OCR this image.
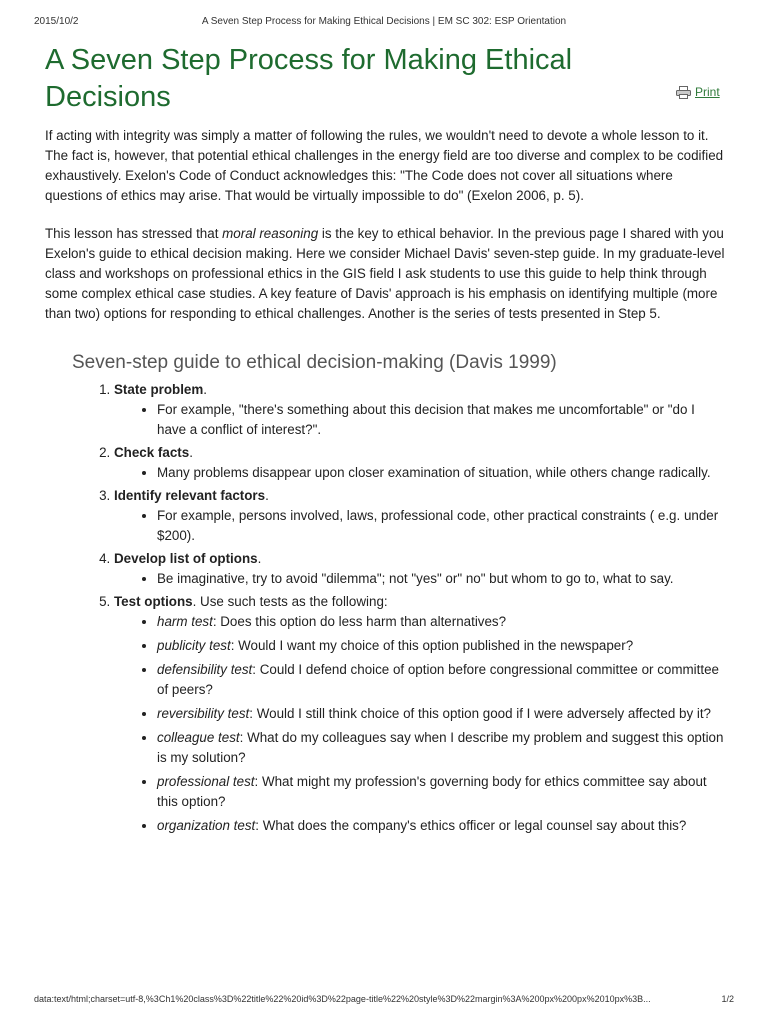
2015/10/2	A Seven Step Process for Making Ethical Decisions | EM SC 302: ESP Orientation
A Seven Step Process for Making Ethical Decisions	Print

If acting with integrity was simply a matter of following the rules, we wouldn't need to devote a whole lesson to it. The fact is, however, that potential ethical challenges in the energy field are too diverse and complex to be codified exhaustively. Exelon's Code of Conduct acknowledges this: "The Code does not cover all situations where questions of ethics may arise. That would be virtually impossible to do" (Exelon 2006, p. 5).

This lesson has stressed that moral reasoning is the key to ethical behavior. In the previous page I shared with you Exelon's guide to ethical decision making. Here we consider Michael Davis' seven-step guide. In my graduate-level class and workshops on professional ethics in the GIS field I ask students to use this guide to help think through some complex ethical case studies. A key feature of Davis' approach is his emphasis on identifying multiple (more than two) options for responding to ethical challenges. Another is the series of tests presented in Step 5.

Seven-step guide to ethical decision-making (Davis 1999)
1. State problem.
• For example, "there's something about this decision that makes me uncomfortable" or "do I have a conflict of interest?".
2. Check facts.
• Many problems disappear upon closer examination of situation, while others change radically.
3. Identify relevant factors.
• For example, persons involved, laws, professional code, other practical constraints ( e.g. under $200).
4. Develop list of options.
• Be imaginative, try to avoid "dilemma"; not "yes" or" no" but whom to go to, what to say.
5. Test options. Use such tests as the following:
• harm test: Does this option do less harm than alternatives?
• publicity test: Would I want my choice of this option published in the newspaper?
• defensibility test: Could I defend choice of option before congressional committee or committee of peers?
• reversibility test: Would I still think choice of this option good if I were adversely affected by it?
• colleague test: What do my colleagues say when I describe my problem and suggest this option is my solution?
• professional test: What might my profession's governing body for ethics committee say about this option?
• organization test: What does the company's ethics officer or legal counsel say about this?
data:text/html;charset=utf-8,%3Ch1%20class%3D%22title%22%20id%3D%22page-title%22%20style%3D%22margin%3A%200px%200px%2010px%3B...	1/2
